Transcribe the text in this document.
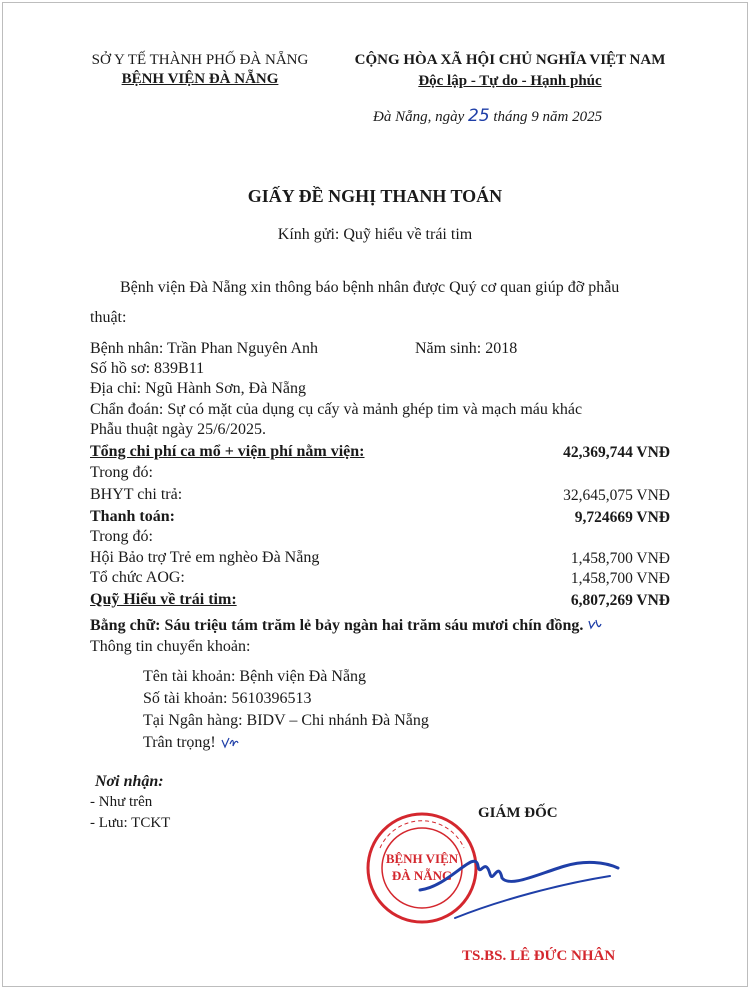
SỞ Y TẾ THÀNH PHỐ ĐÀ NẴNG
BỆNH VIỆN ĐÀ NẴNG
CỘNG HÒA XÃ HỘI CHỦ NGHĨA VIỆT NAM
Độc lập - Tự do - Hạnh phúc
Đà Nẵng, ngày 25 tháng 9 năm 2025
GIẤY ĐỀ NGHỊ THANH TOÁN
Kính gửi: Quỹ hiểu về trái tim
Bệnh viện Đà Nẵng xin thông báo bệnh nhân được Quý cơ quan giúp đỡ phẫu
thuật:
Bệnh nhân: Trần Phan Nguyên Anh	Năm sinh: 2018
Số hồ sơ: 839B11
Địa chỉ: Ngũ Hành Sơn, Đà Nẵng
Chẩn đoán: Sự có mặt của dụng cụ cấy và mảnh ghép tim và mạch máu khác
Phẫu thuật ngày 25/6/2025.
Tổng chi phí ca mổ + viện phí nằm viện:	42,369,744 VNĐ
Trong đó:
BHYT chi trả:	32,645,075 VNĐ
Thanh toán:	9,724669 VNĐ
Trong đó:
Hội Bảo trợ Trẻ em nghèo Đà Nẵng	1,458,700 VNĐ
Tổ chức AOG:	1,458,700 VNĐ
Quỹ Hiểu về trái tim:	6,807,269 VNĐ
Bằng chữ: Sáu triệu tám trăm lẻ bảy ngàn hai trăm sáu mươi chín đồng.
Thông tin chuyển khoản:
Tên tài khoản: Bệnh viện Đà Nẵng
Số tài khoản: 5610396513
Tại Ngân hàng: BIDV – Chi nhánh Đà Nẵng
Trân trọng!
Nơi nhận:
- Như trên
- Lưu: TCKT
GIÁM ĐỐC
BỆNH VIỆN
ĐÀ NẴNG
TS.BS. LÊ ĐỨC NHÂN
